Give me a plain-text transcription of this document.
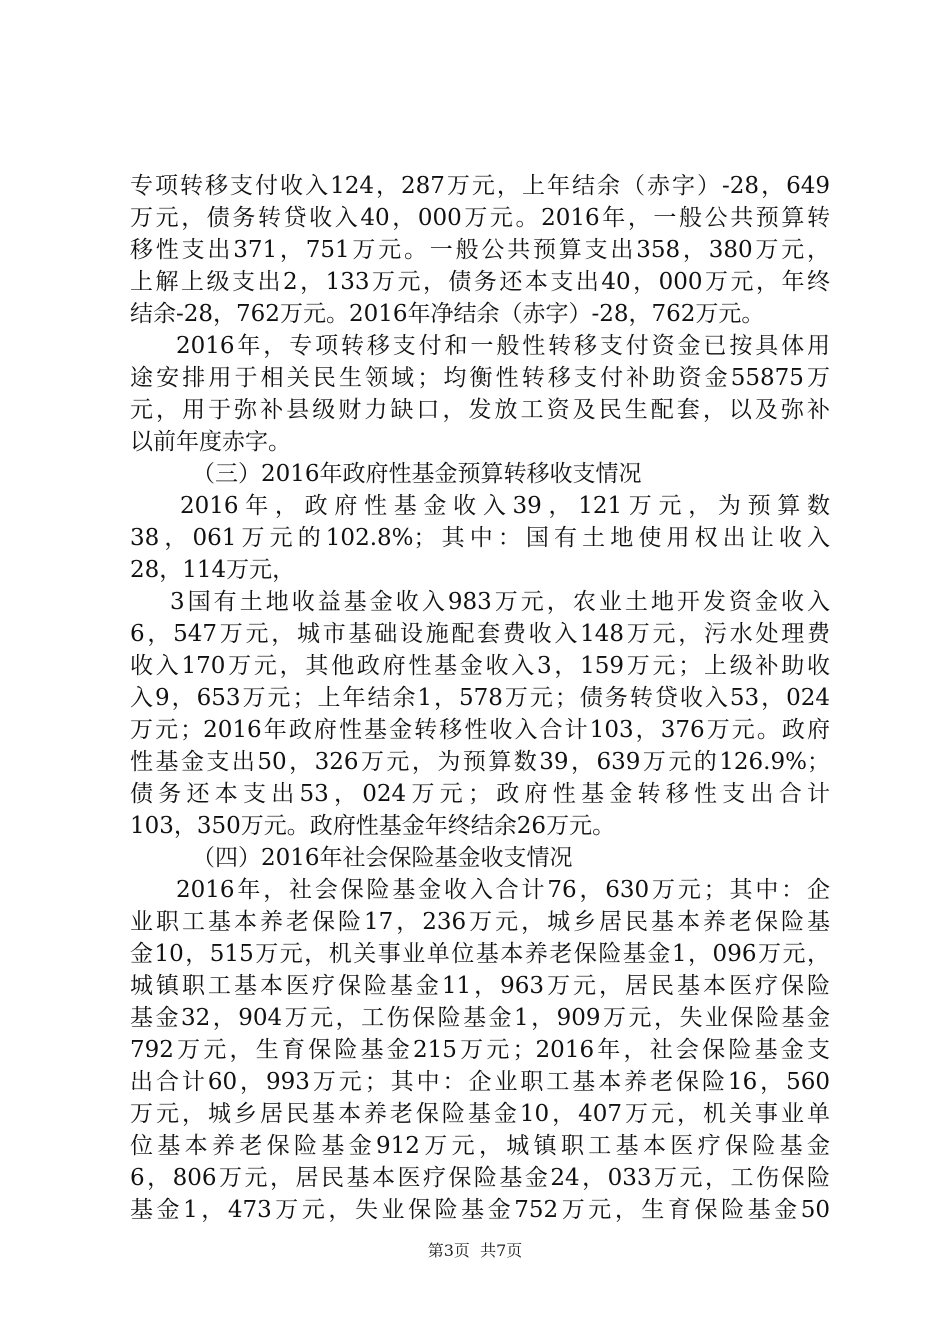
专项转移支付收入124，287万元，上年结余（赤字）-28，649
万元，债务转贷收入40，000万元。2016年，一般公共预算转
移性支出371，751万元。一般公共预算支出358，380万元，
上解上级支出2，133万元，债务还本支出40，000万元，年终
结余-28，762万元。2016年净结余（赤字）-28，762万元。
2016年，专项转移支付和一般性转移支付资金已按具体用
途安排用于相关民生领域；均衡性转移支付补助资金55875万
元，用于弥补县级财力缺口，发放工资及民生配套，以及弥补
以前年度赤字。
（三）2016年政府性基金预算转移收支情况
2016年，政府性基金收入39，121万元，为预算数
38，061万元的102.8%；其中：国有土地使用权出让收入
28，114万元，
3国有土地收益基金收入983万元，农业土地开发资金收入
6，547万元，城市基础设施配套费收入148万元，污水处理费
收入170万元，其他政府性基金收入3，159万元；上级补助收
入9，653万元；上年结余1，578万元；债务转贷收入53，024
万元；2016年政府性基金转移性收入合计103，376万元。政府
性基金支出50，326万元，为预算数39，639万元的126.9%；
债务还本支出53，024万元；政府性基金转移性支出合计
103，350万元。政府性基金年终结余26万元。
（四）2016年社会保险基金收支情况
2016年，社会保险基金收入合计76，630万元；其中：企
业职工基本养老保险17，236万元，城乡居民基本养老保险基
金10，515万元，机关事业单位基本养老保险基金1，096万元，
城镇职工基本医疗保险基金11，963万元，居民基本医疗保险
基金32，904万元，工伤保险基金1，909万元，失业保险基金
792万元，生育保险基金215万元；2016年，社会保险基金支
出合计60，993万元；其中：企业职工基本养老保险16，560
万元，城乡居民基本养老保险基金10，407万元，机关事业单
位基本养老保险基金912万元，城镇职工基本医疗保险基金
6，806万元，居民基本医疗保险基金24，033万元，工伤保险
基金1，473万元，失业保险基金752万元，生育保险基金50
第3页 共7页
